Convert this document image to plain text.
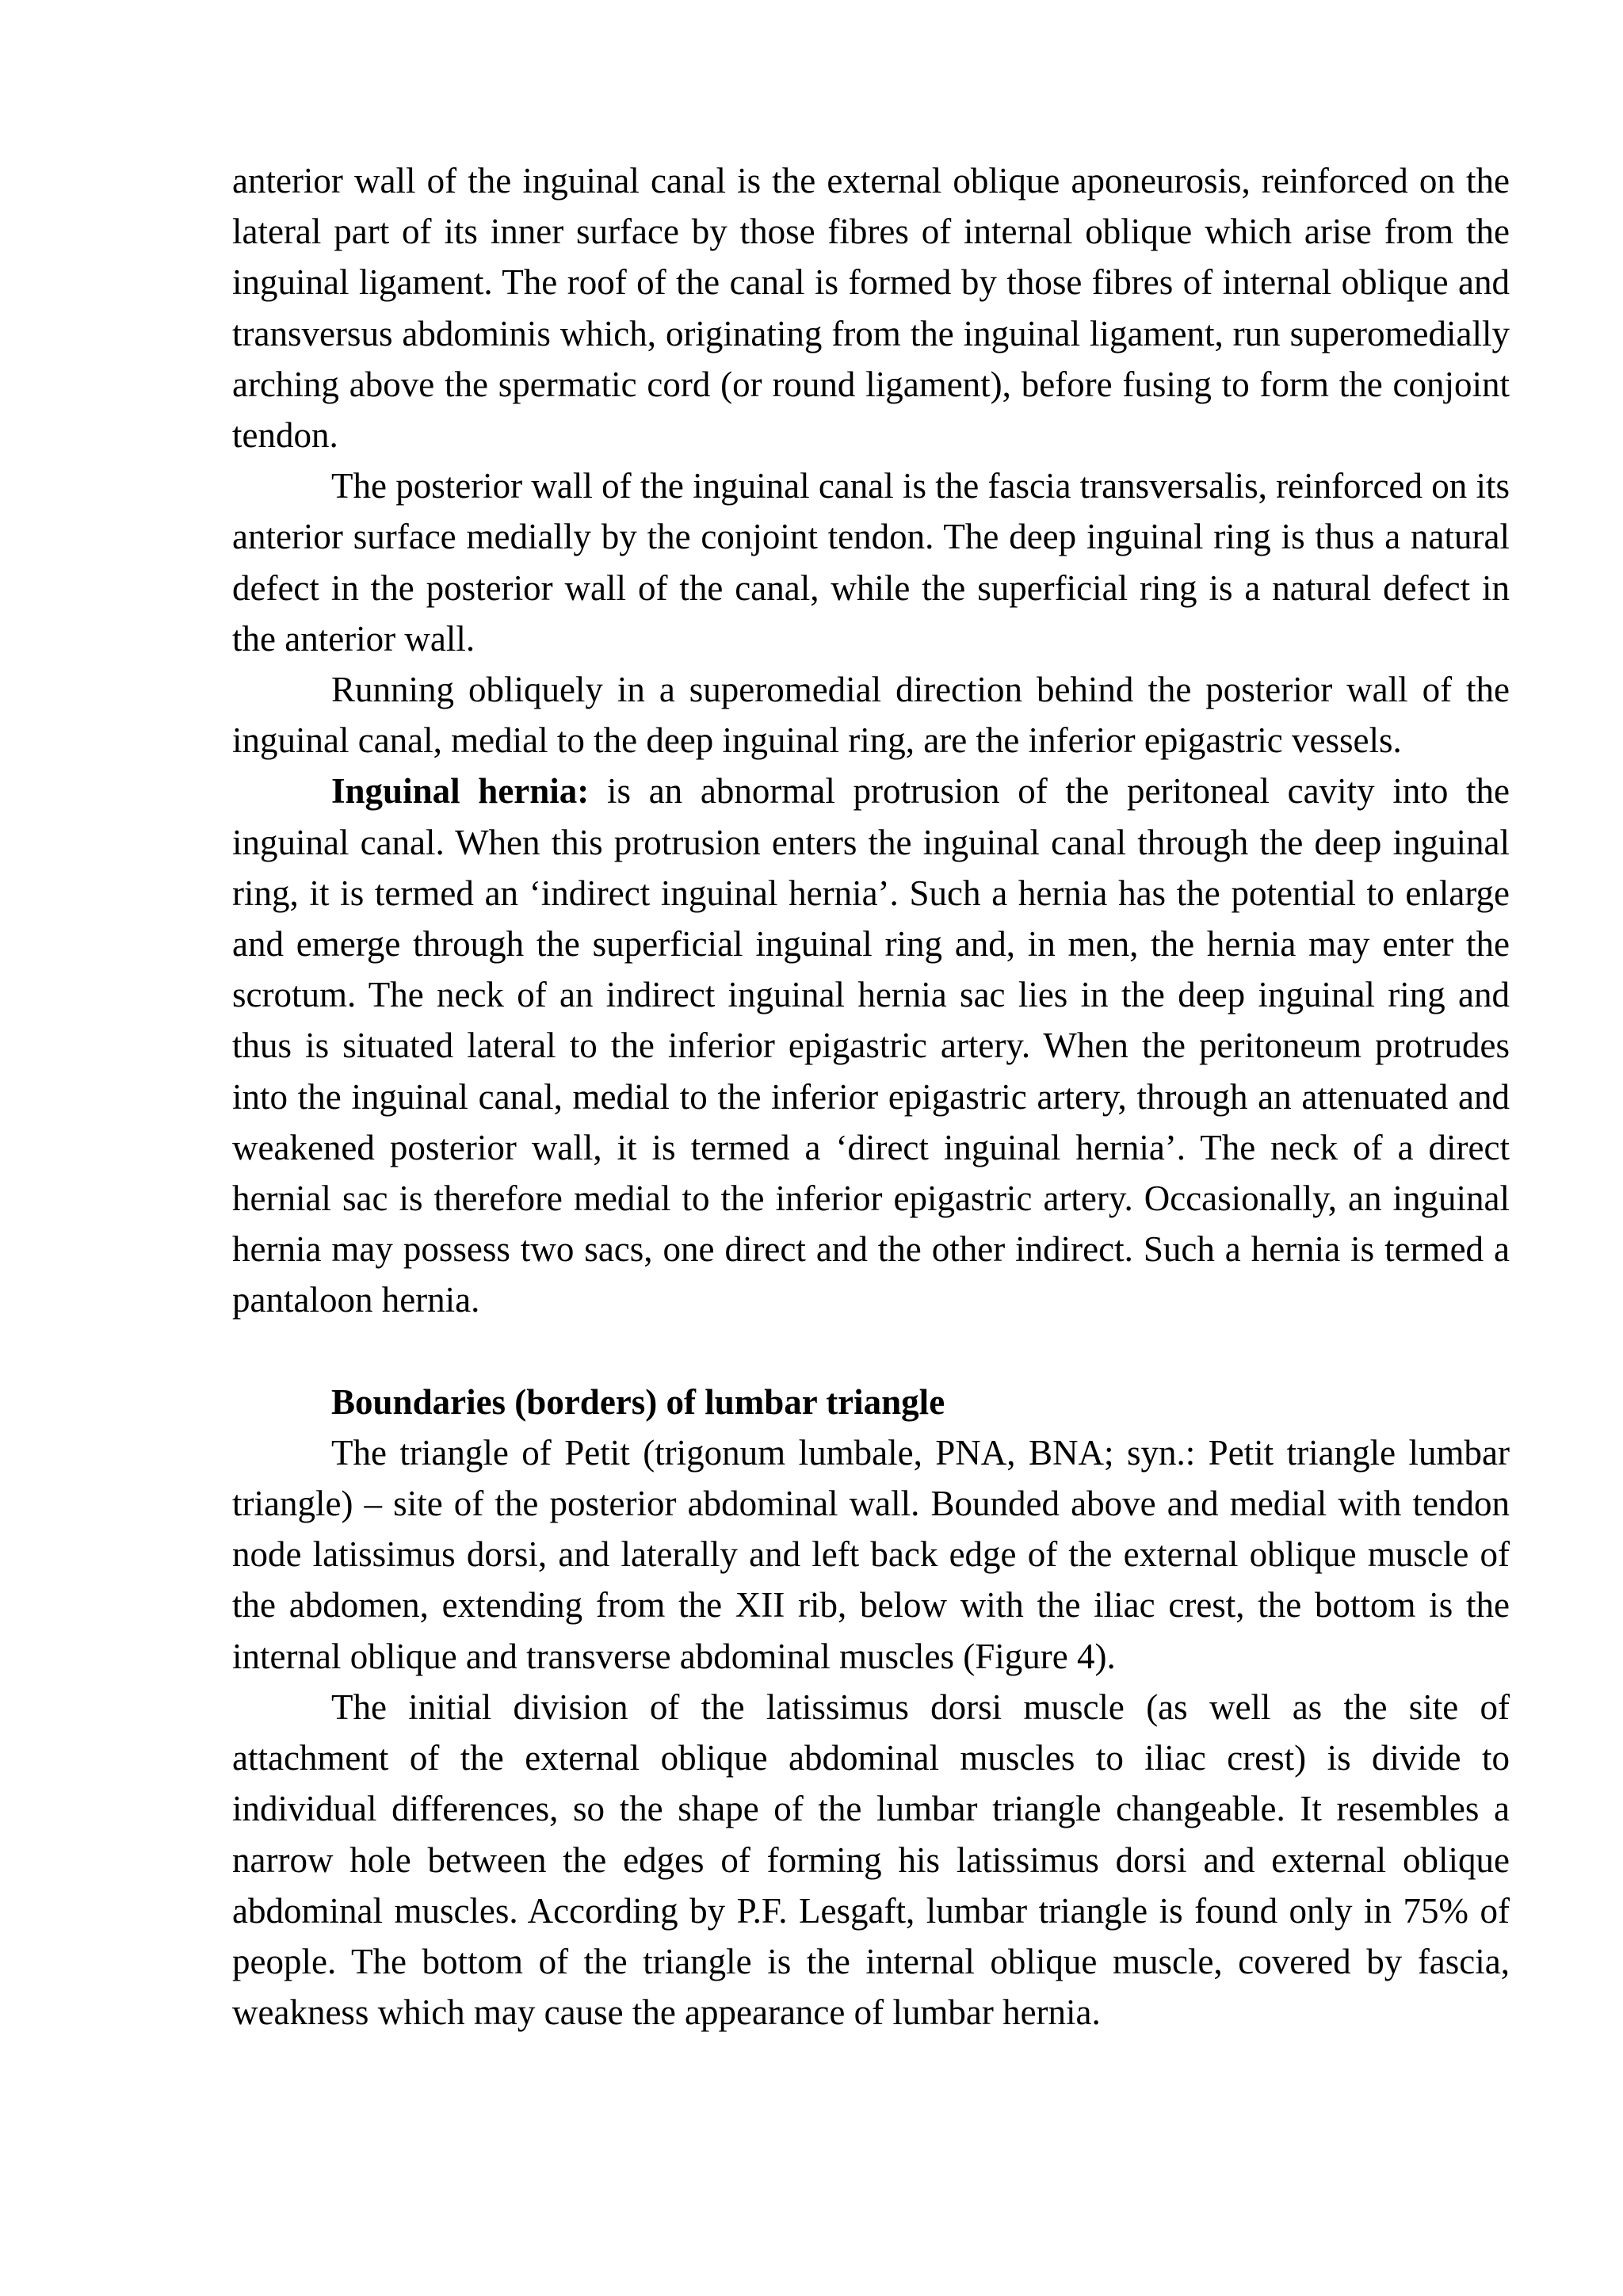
anterior wall of the inguinal canal is the external oblique aponeurosis, reinforced on the lateral part of its inner surface by those fibres of internal oblique which arise from the inguinal ligament. The roof of the canal is formed by those fibres of internal oblique and transversus abdominis which, originating from the inguinal ligament, run superomedially arching above the spermatic cord (or round ligament), before fusing to form the conjoint tendon.

The posterior wall of the inguinal canal is the fascia transversalis, reinforced on its anterior surface medially by the conjoint tendon. The deep inguinal ring is thus a natural defect in the posterior wall of the canal, while the superficial ring is a natural defect in the anterior wall.

Running obliquely in a superomedial direction behind the posterior wall of the inguinal canal, medial to the deep inguinal ring, are the inferior epigastric vessels.

Inguinal hernia: is an abnormal protrusion of the peritoneal cavity into the inguinal canal. When this protrusion enters the inguinal canal through the deep inguinal ring, it is termed an ‘indirect inguinal hernia’. Such a hernia has the potential to enlarge and emerge through the superficial inguinal ring and, in men, the hernia may enter the scrotum. The neck of an indirect inguinal hernia sac lies in the deep inguinal ring and thus is situated lateral to the inferior epigastric artery. When the peritoneum protrudes into the inguinal canal, medial to the inferior epigastric artery, through an attenuated and weakened posterior wall, it is termed a ‘direct inguinal hernia’. The neck of a direct hernial sac is therefore medial to the inferior epigastric artery. Occasionally, an inguinal hernia may possess two sacs, one direct and the other indirect. Such a hernia is termed a pantaloon hernia.

Boundaries (borders) of lumbar triangle

The triangle of Petit (trigonum lumbale, PNA, BNA; syn.: Petit triangle lumbar triangle) – site of the posterior abdominal wall. Bounded above and medial with tendon node latissimus dorsi, and laterally and left back edge of the external oblique muscle of the abdomen, extending from the XII rib, below with the iliac crest, the bottom is the internal oblique and transverse abdominal muscles (Figure 4).

The initial division of the latissimus dorsi muscle (as well as the site of attachment of the external oblique abdominal muscles to iliac crest) is divide to individual differences, so the shape of the lumbar triangle changeable. It resembles a narrow hole between the edges of forming his latissimus dorsi and external oblique abdominal muscles. According by P.F. Lesgaft, lumbar triangle is found only in 75% of people. The bottom of the triangle is the internal oblique muscle, covered by fascia, weakness which may cause the appearance of lumbar hernia.
